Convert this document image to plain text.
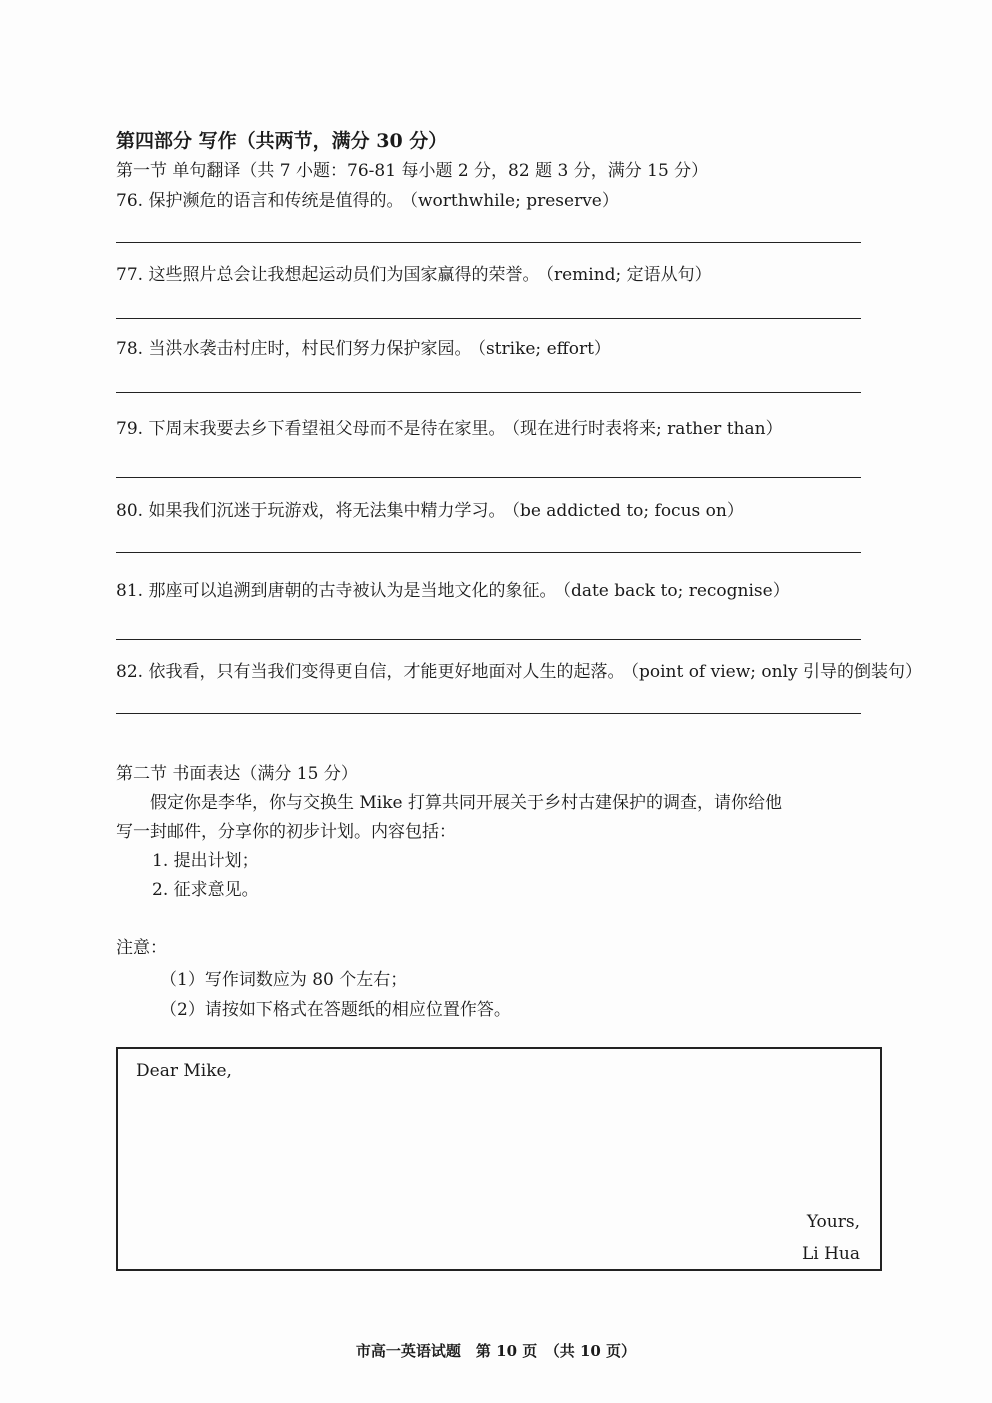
第四部分 写作（共两节，满分 30 分）
第一节 单句翻译（共 7 小题：76-81 每小题 2 分，82 题 3 分，满分 15 分）
76. 保护濒危的语言和传统是值得的。 （worthwhile; preserve）
77. 这些照片总会让我想起运动员们为国家赢得的荣誉。 （remind; 定语从句）
78. 当洪水袭击村庄时，村民们努力保护家园。 （strike; effort）
79. 下周末我要去乡下看望祖父母而不是待在家里。 （现在进行时表将来; rather than）
80. 如果我们沉迷于玩游戏，将无法集中精力学习。 （be addicted to; focus on）
81. 那座可以追溯到唐朝的古寺被认为是当地文化的象征。 （date back to; recognise）
82. 依我看，只有当我们变得更自信，才能更好地面对人生的起落。 （point of view; only 引导的倒装句）
第二节 书面表达（满分 15 分）
假定你是李华，你与交换生 Mike 打算共同开展关于乡村古建保护的调查，请你给他
写一封邮件，分享你的初步计划。内容包括：
1. 提出计划；
2. 征求意见。
注意：
（1）写作词数应为 80 个左右；
（2）请按如下格式在答题纸的相应位置作答。
Dear Mike,
Yours,
Li Hua
市高一英语试题　第 10 页　（共 10 页）
